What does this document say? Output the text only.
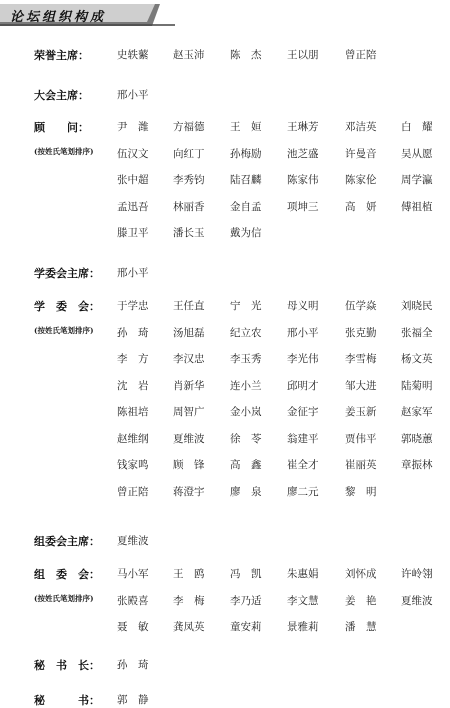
论坛组织构成
荣誉主席：	史轶蘩 赵玉沛 陈　杰 王以朋	曾正陪
大会主席：	邢小平
顾　　问：
(按姓氏笔划排序)
尹　潍 方福德 王　姮 王琳芳	邓洁英 白　耀
伍汉文 向红丁 孙梅励 池芝盛	许曼音 吴从愿
张中超 李秀钧 陆召麟 陈家伟	陈家伦 周学瀛
孟迅吾 林丽香 金自孟 项坤三	高　妍 傅祖植
滕卫平 潘长玉 戴为信
学委会主席： 邢小平
学　委　会：
(按姓氏笔划排序)
于学忠 王任直 宁　光 母义明	伍学焱 刘晓民
孙　琦 汤旭磊 纪立农 邢小平	张克勤 张福全
李　方 李汉忠 李玉秀 李光伟	李雪梅 杨文英
沈　岩 肖新华 连小兰 邱明才	邹大进 陆菊明
陈祖培 周智广 金小岚 金征宇	姜玉新 赵家军
赵维纲 夏维波 徐　苓 翁建平	贾伟平 郭晓蕙
钱家鸣 顾　锋 高　鑫 崔全才	崔丽英 章振林
曾正陪 蒋澄宇 廖　泉 廖二元	黎　明
组委会主席： 夏维波
组　委　会：
(按姓氏笔划排序)
马小军 王　鸥 冯　凯 朱惠娟	刘怀成 许岭翎
张殿喜 李　梅 李乃适 李文慧	姜　艳 夏维波
聂　敏 龚凤英 童安莉 景雅莉	潘　慧
秘　书　长： 孙　琦
秘　　　书： 郭　静
